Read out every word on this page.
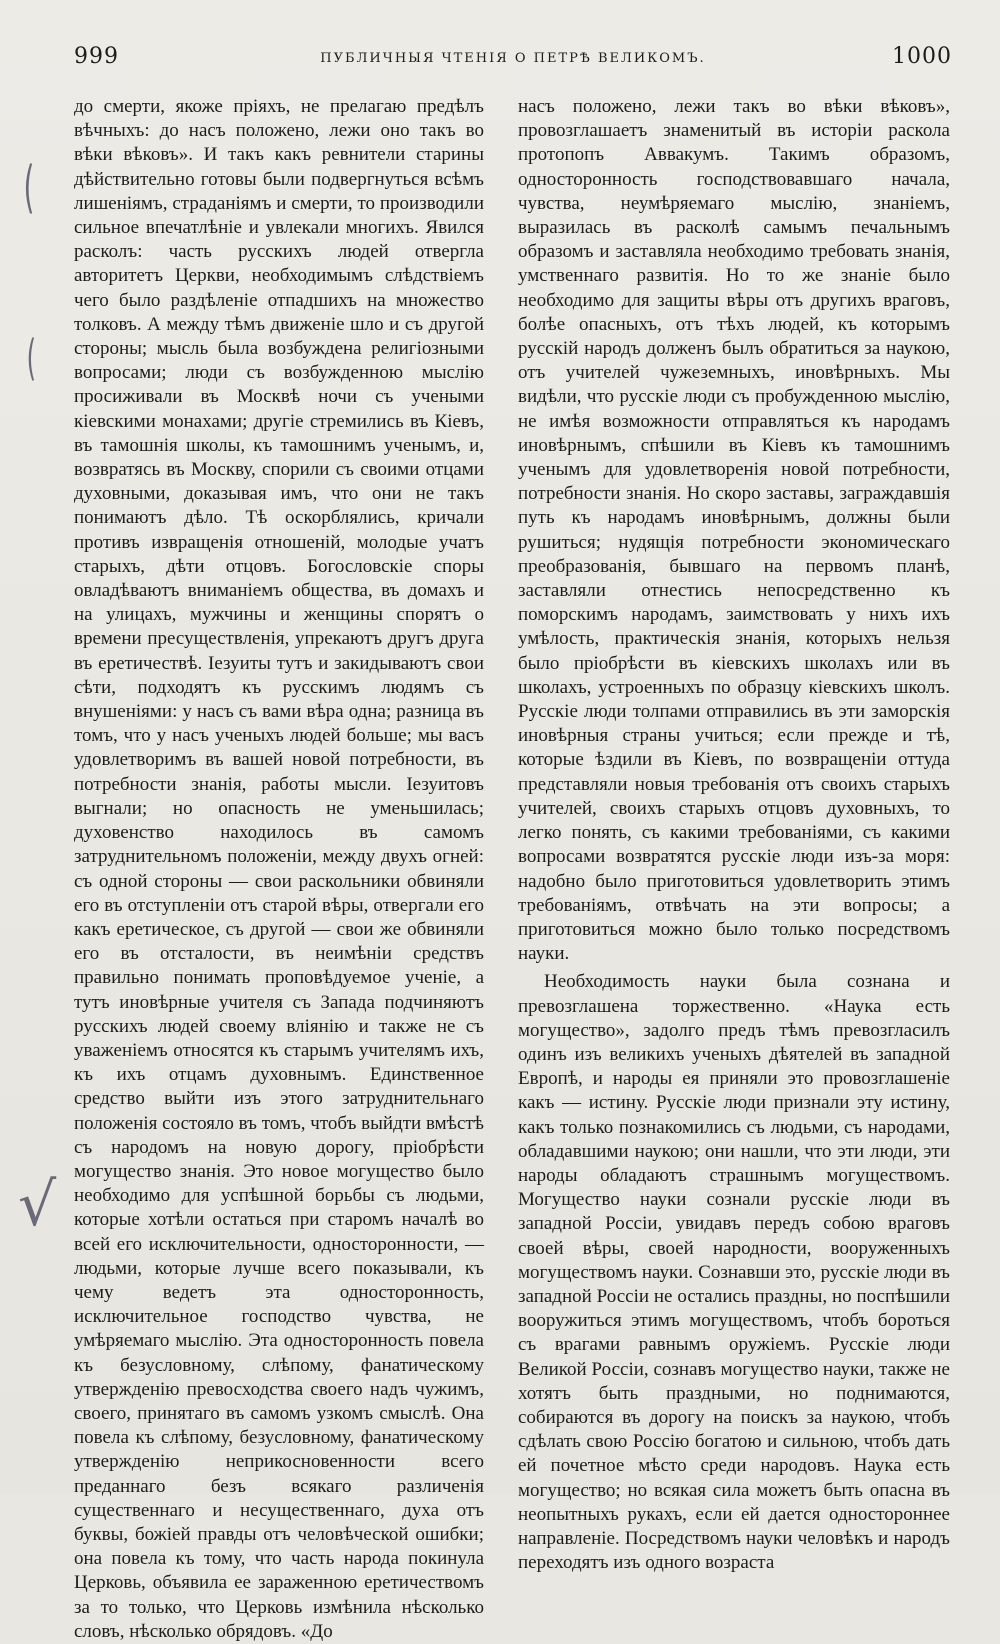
999	ПУБЛИЧНЫЯ ЧТЕНІЯ О ПЕТРѢ ВЕЛИКОМЪ.	1000
(
(
√

до смерти, якоже пріяхъ, не прелагаю предѣлъ вѣчныхъ: до насъ положено, лежи оно такъ во вѣки вѣковъ». И такъ какъ ревнители старины дѣйствительно готовы были подвергнуться всѣмъ лишеніямъ, страданіямъ и смерти, то производили сильное впечатлѣніе и увлекали многихъ. Явился расколъ: часть русскихъ людей отвергла авторитетъ Церкви, необходимымъ слѣдствіемъ чего было раздѣленіе отпадшихъ на множество толковъ. А между тѣмъ движеніе шло и съ другой стороны; мысль была возбуждена религіозными вопросами; люди съ возбужденною мыслію просиживали въ Москвѣ ночи съ учеными кіевскими монахами; другіе стремились въ Кіевъ, въ тамошнія школы, къ тамошнимъ ученымъ, и, возвратясь въ Москву, спорили съ своими отцами духовными, доказывая имъ, что они не такъ понимаютъ дѣло. Тѣ оскорблялись, кричали противъ извращенія отношеній, молодые учатъ старыхъ, дѣти отцовъ. Богословскіе споры овладѣваютъ вниманіемъ общества, въ домахъ и на улицахъ, мужчины и женщины спорятъ о времени пресуществленія, упрекаютъ другъ друга въ еретичествѣ. Іезуиты тутъ и закидываютъ свои сѣти, подходятъ къ русскимъ людямъ съ внушеніями: у насъ съ вами вѣра одна; разница въ томъ, что у насъ ученыхъ людей больше; мы васъ удовлетворимъ въ вашей новой потребности, въ потребности знанія, работы мысли. Іезуитовъ выгнали; но опасность не уменьшилась; духовенство находилось въ самомъ затруднительномъ положеніи, между двухъ огней: съ одной стороны — свои раскольники обвиняли его въ отступленіи отъ старой вѣры, отвергали его какъ еретическое, съ другой — свои же обвиняли его въ отсталости, въ неимѣніи средствъ правильно понимать проповѣдуемое ученіе, а тутъ иновѣрные учителя съ Запада подчиняютъ русскихъ людей своему вліянію и также не съ уваженіемъ относятся къ старымъ учителямъ ихъ, къ ихъ отцамъ духовнымъ. Единственное средство выйти изъ этого затруднительнаго положенія состояло въ томъ, чтобъ выйдти вмѣстѣ съ народомъ на новую дорогу, пріобрѣсти могущество знанія. Это новое могущество было необходимо для успѣшной борьбы съ людьми, которые хотѣли остаться при старомъ началѣ во всей его исключительности, односторонности, — людьми, которые лучше всего показывали, къ чему ведетъ эта односторонность, исключительное господство чувства, не умѣряемаго мыслію. Эта односторонность повела къ безусловному, слѣпому, фанатическому утвержденію превосходства своего надъ чужимъ, своего, принятаго въ самомъ узкомъ смыслѣ. Она повела къ слѣпому, безусловному, фанатическому утвержденію неприкосновенности всего преданнаго безъ всякаго различенія существеннаго и несущественнаго, духа отъ буквы, божіей правды отъ человѣческой ошибки; она повела къ тому, что часть народа покинула Церковь, объявила ее зараженною еретичествомъ за то только, что Церковь измѣнила нѣсколько словъ, нѣсколько обрядовъ. «До

насъ положено, лежи такъ во вѣки вѣковъ», провозглашаетъ знаменитый въ исторіи раскола протопопъ Аввакумъ. Такимъ образомъ, односторонность господствовавшаго начала, чувства, неумѣряемаго мыслію, знаніемъ, выразилась въ расколѣ самымъ печальнымъ образомъ и заставляла необходимо требовать знанія, умственнаго развитія. Но то же знаніе было необходимо для защиты вѣры отъ другихъ враговъ, болѣе опасныхъ, отъ тѣхъ людей, къ которымъ русскій народъ долженъ былъ обратиться за наукою, отъ учителей чужеземныхъ, иновѣрныхъ. Мы видѣли, что русскіе люди съ пробужденною мыслію, не имѣя возможности отправляться къ народамъ иновѣрнымъ, спѣшили въ Кіевъ къ тамошнимъ ученымъ для удовлетворенія новой потребности, потребности знанія. Но скоро заставы, заграждавшія путь къ народамъ иновѣрнымъ, должны были рушиться; нудящія потребности экономическаго преобразованія, бывшаго на первомъ планѣ, заставляли отнестись непосредственно къ поморскимъ народамъ, заимствовать у нихъ ихъ умѣлость, практическія знанія, которыхъ нельзя было пріобрѣсти въ кіевскихъ школахъ или въ школахъ, устроенныхъ по образцу кіевскихъ школъ. Русскіе люди толпами отправились въ эти заморскія иновѣрныя страны учиться; если прежде и тѣ, которые ѣздили въ Кіевъ, по возвращеніи оттуда представляли новыя требованія отъ своихъ старыхъ учителей, своихъ старыхъ отцовъ духовныхъ, то легко понять, съ какими требованіями, съ какими вопросами возвратятся русскіе люди изъ-за моря: надобно было приготовиться удовлетворить этимъ требованіямъ, отвѣчать на эти вопросы; а приготовиться можно было только посредствомъ науки.

Необходимость науки была сознана и превозглашена торжественно. «Наука есть могущество», задолго предъ тѣмъ превозгласилъ одинъ изъ великихъ ученыхъ дѣятелей въ западной Европѣ, и народы ея приняли это провозглашеніе какъ — истину. Русскіе люди признали эту истину, какъ только познакомились съ людьми, съ народами, обладавшими наукою; они нашли, что эти люди, эти народы обладаютъ страшнымъ могуществомъ. Могущество науки сознали русскіе люди въ западной Россіи, увидавъ передъ собою враговъ своей вѣры, своей народности, вооруженныхъ могуществомъ науки. Сознавши это, русскіе люди въ западной Россіи не остались праздны, но поспѣшили вооружиться этимъ могуществомъ, чтобъ бороться съ врагами равнымъ оружіемъ. Русскіе люди Великой Россіи, сознавъ могущество науки, также не хотятъ быть праздными, но поднимаются, собираются въ дорогу на поискъ за наукою, чтобъ сдѣлать свою Россію богатою и сильною, чтобъ дать ей почетное мѣсто среди народовъ. Наука есть могущество; но всякая сила можетъ быть опасна въ неопытныхъ рукахъ, если ей дается одностороннее направленіе. Посредствомъ науки человѣкъ и народъ переходятъ изъ одного возраста
